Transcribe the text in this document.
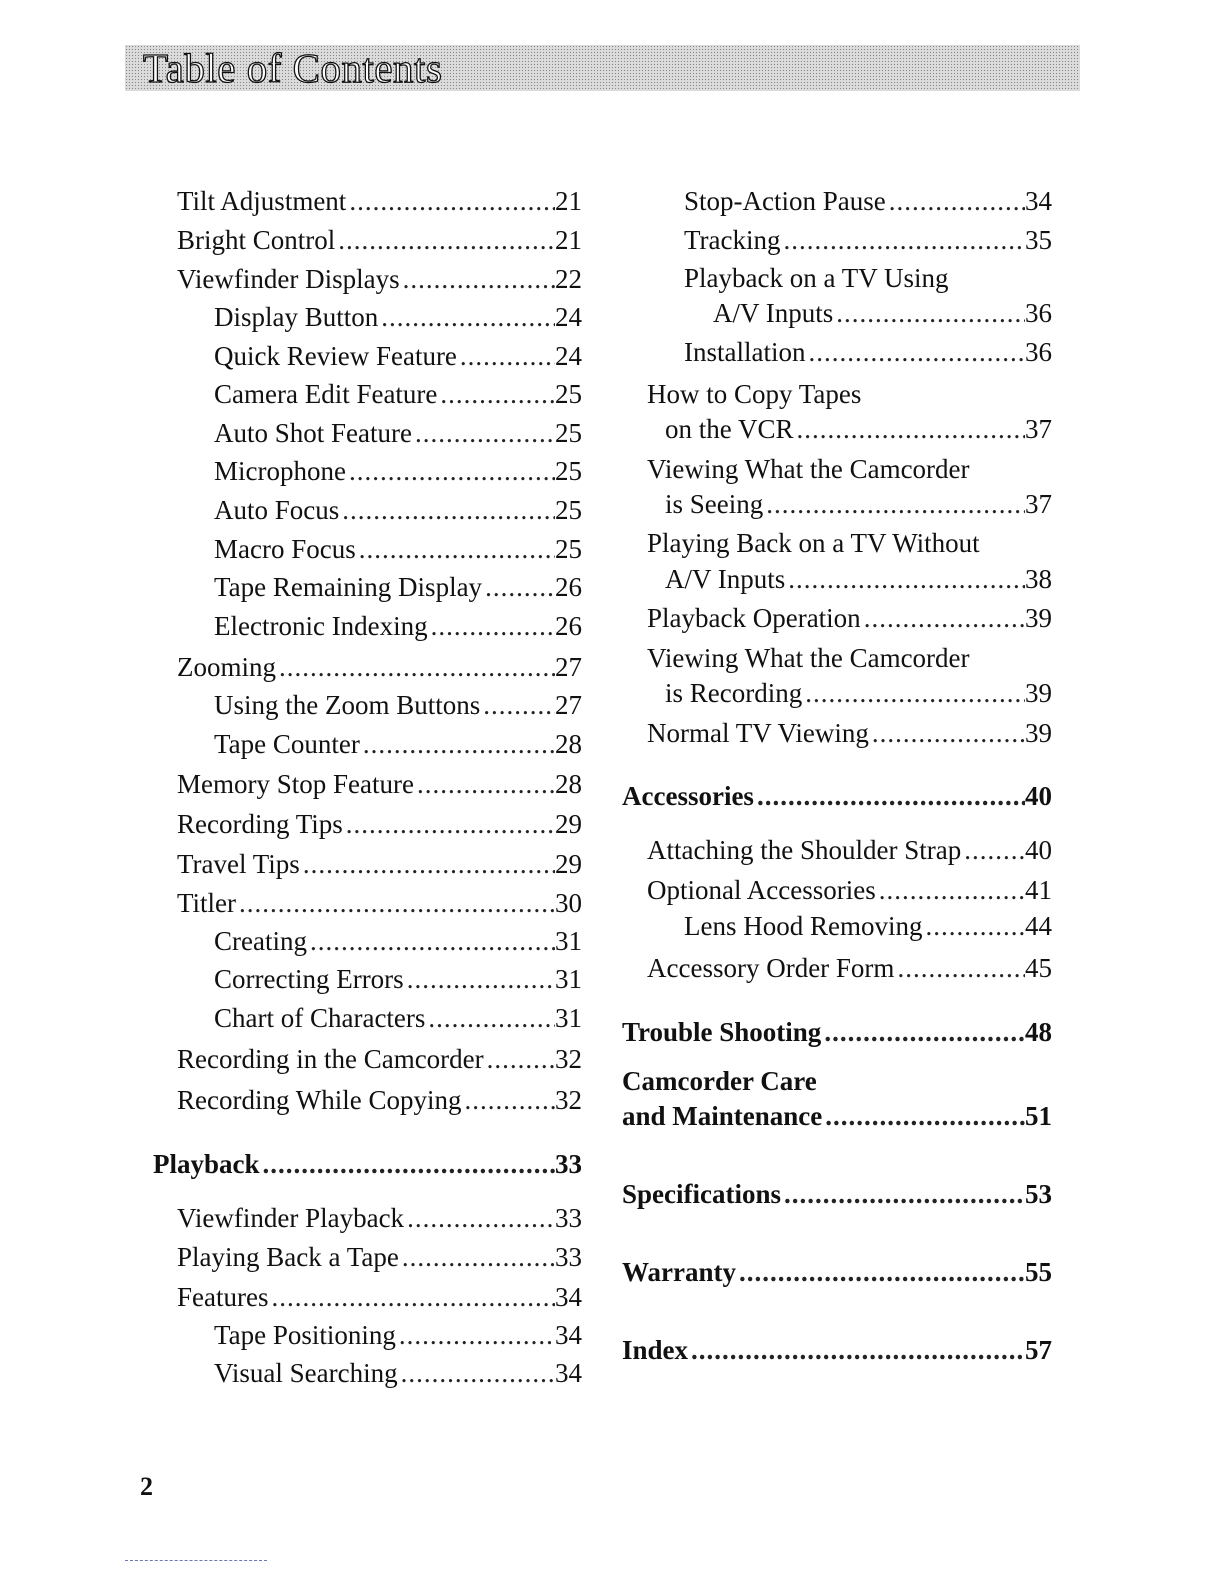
Table of Contents
Tilt Adjustment .....	21
Bright Control .....	21
Viewfinder Displays .....	22
Display Button .....	24
Quick Review Feature .....	24
Camera Edit Feature .....	25
Auto Shot Feature .....	25
Microphone .....	25
Auto Focus .....	25
Macro Focus .....	25
Tape Remaining Display .....	26
Electronic Indexing .....	26
Zooming .....	27
Using the Zoom Buttons .....	27
Tape Counter .....	28
Memory Stop Feature .....	28
Recording Tips .....	29
Travel Tips .....	29
Titler .....	30
Creating .....	31
Correcting Errors .....	31
Chart of Characters .....	31
Recording in the Camcorder .....	32
Recording While Copying .....	32
Playback .....	33
Viewfinder Playback .....	33
Playing Back a Tape .....	33
Features .....	34
Tape Positioning .....	34
Visual Searching .....	34
Stop-Action Pause .....	34
Tracking .....	35
Playback on a TV Using
A/V Inputs .....	36
Installation .....	36
How to Copy Tapes
on the VCR .....	37
Viewing What the Camcorder
is Seeing .....	37
Playing Back on a TV Without
A/V Inputs .....	38
Playback Operation .....	39
Viewing What the Camcorder
is Recording .....	39
Normal TV Viewing .....	39
Accessories .....	40
Attaching the Shoulder Strap ..... 40
Optional Accessories .....	41
Lens Hood Removing .....	44
Accessory Order Form .....	45
Trouble Shooting .....	48
Camcorder Care
and Maintenance .....	51
Specifications .....	53
Warranty .....	55
Index .....	57
2
